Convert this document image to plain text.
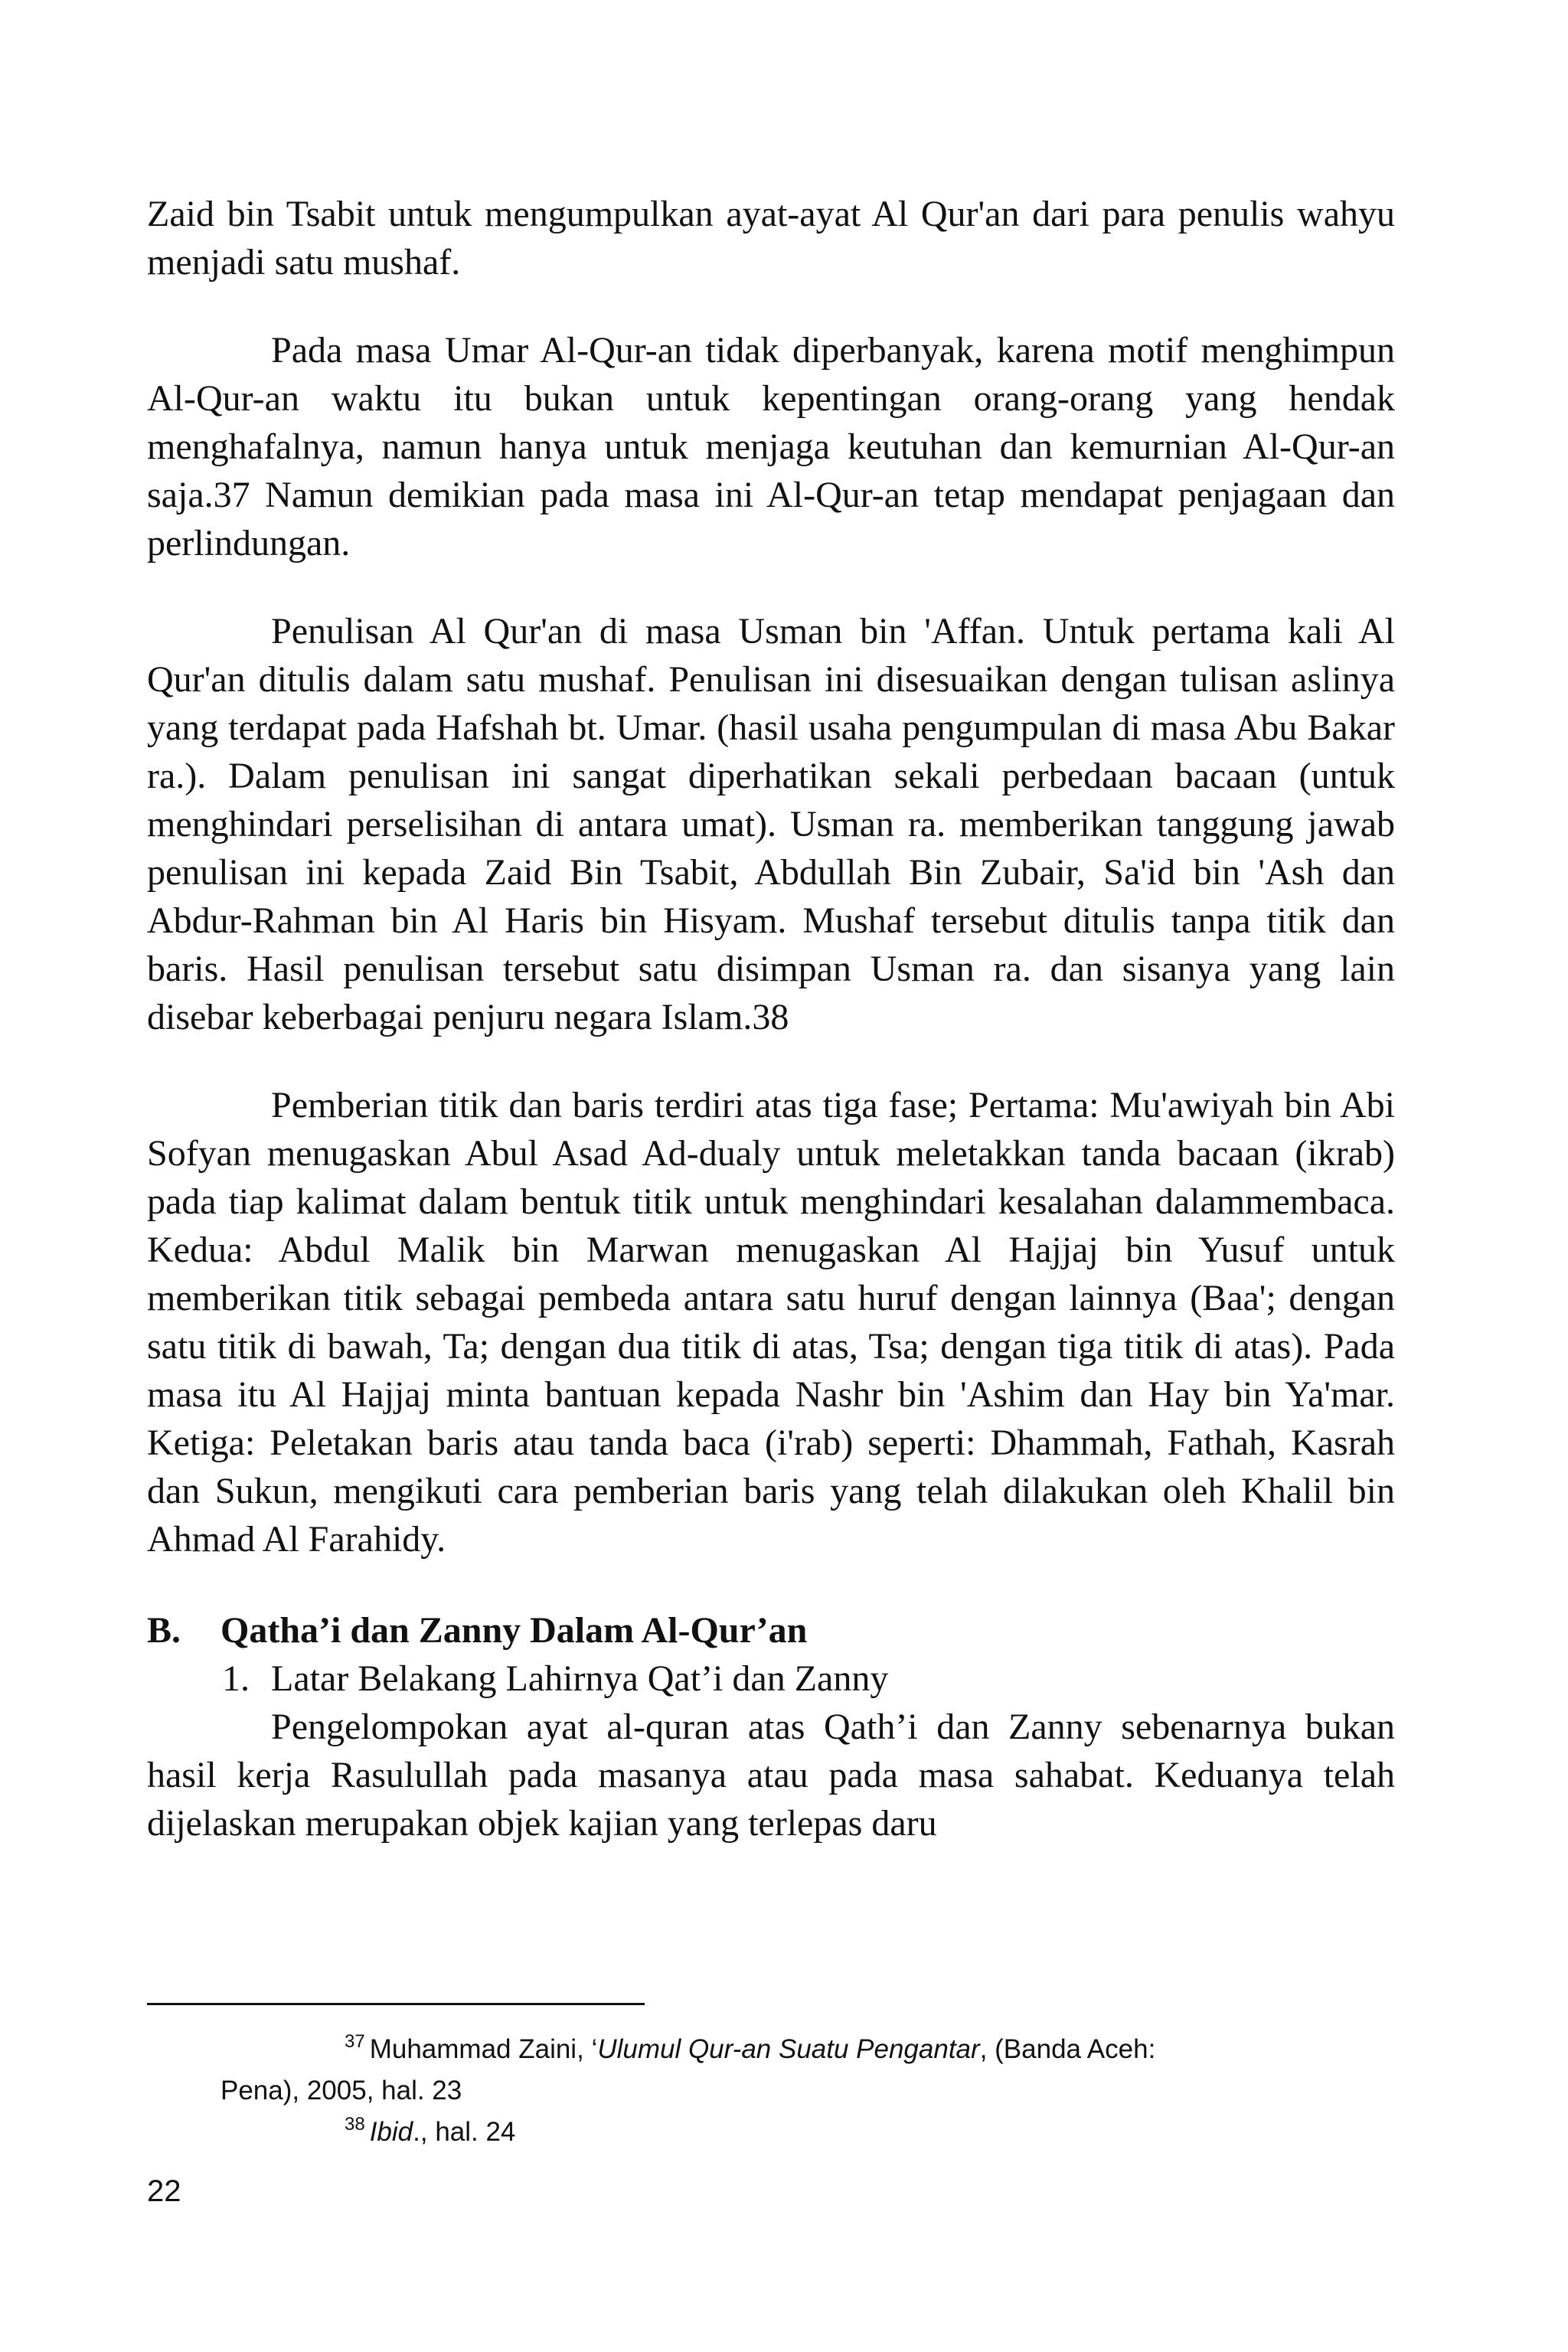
Zaid bin Tsabit untuk mengumpulkan ayat-ayat Al Qur'an dari para penulis wahyu menjadi satu mushaf.

Pada masa Umar Al-Qur-an tidak diperbanyak, karena motif menghimpun Al-Qur-an waktu itu bukan untuk kepentingan orang-orang yang hendak menghafalnya, namun hanya untuk menjaga keutuhan dan kemurnian Al-Qur-an saja.37 Namun demikian pada masa ini Al-Qur-an tetap mendapat penjagaan dan perlindungan.

Penulisan Al Qur'an di masa Usman bin 'Affan. Untuk pertama kali Al Qur'an ditulis dalam satu mushaf. Penulisan ini disesuaikan dengan tulisan aslinya yang terdapat pada Hafshah bt. Umar. (hasil usaha pengumpulan di masa Abu Bakar ra.). Dalam penulisan ini sangat diperhatikan sekali perbedaan bacaan (untuk menghindari perselisihan di antara umat). Usman ra. memberikan tanggung jawab penulisan ini kepada Zaid Bin Tsabit, Abdullah Bin Zubair, Sa'id bin 'Ash dan Abdur-Rahman bin Al Haris bin Hisyam. Mushaf tersebut ditulis tanpa titik dan baris. Hasil penulisan tersebut satu disimpan Usman ra. dan sisanya yang lain disebar keberbagai penjuru negara Islam.38

Pemberian titik dan baris terdiri atas tiga fase; Pertama: Mu'awiyah bin Abi Sofyan menugaskan Abul Asad Ad-dualy untuk meletakkan tanda bacaan (ikrab) pada tiap kalimat dalam bentuk titik untuk menghindari kesalahan dalammembaca. Kedua: Abdul Malik bin Marwan menugaskan Al Hajjaj bin Yusuf untuk memberikan titik sebagai pembeda antara satu huruf dengan lainnya (Baa'; dengan satu titik di bawah, Ta; dengan dua titik di atas, Tsa; dengan tiga titik di atas). Pada masa itu Al Hajjaj minta bantuan kepada Nashr bin 'Ashim dan Hay bin Ya'mar. Ketiga: Peletakan baris atau tanda baca (i'rab) seperti: Dhammah, Fathah, Kasrah dan Sukun, mengikuti cara pemberian baris yang telah dilakukan oleh Khalil bin Ahmad Al Farahidy.

B.	Qatha’i dan Zanny Dalam Al-Qur’an
1. Latar Belakang Lahirnya Qat’i dan Zanny

Pengelompokan ayat al-quran atas Qath’i dan Zanny sebenarnya bukan hasil kerja Rasulullah pada masanya atau pada masa sahabat. Keduanya telah dijelaskan merupakan objek kajian yang terlepas daru

$^{37}$ Muhammad Zaini, ‘Ulumul Qur-an Suatu Pengantar, (Banda Aceh:

Pena), 2005, hal. 23

$^{38}$ Ibid., hal. 24

22
